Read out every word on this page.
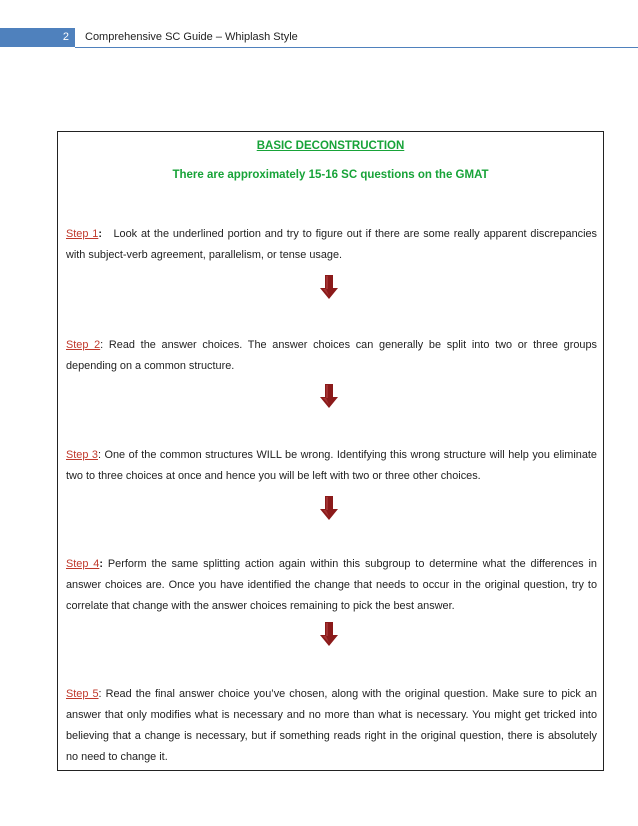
2	Comprehensive SC Guide – Whiplash Style
BASIC DECONSTRUCTION
There are approximately 15-16 SC questions on the GMAT
Step 1:   Look at the underlined portion and try to figure out if there are some really apparent discrepancies with subject-verb agreement, parallelism, or tense usage.
Step 2: Read the answer choices. The answer choices can generally be split into two or three groups depending on a common structure.
Step 3: One of the common structures WILL be wrong. Identifying this wrong structure will help you eliminate two to three choices at once and hence you will be left with two or three other choices.
Step 4: Perform the same splitting action again within this subgroup to determine what the differences in answer choices are. Once you have identified the change that needs to occur in the original question, try to correlate that change with the answer choices remaining to pick the best answer.
Step 5: Read the final answer choice you’ve chosen, along with the original question. Make sure to pick an answer that only modifies what is necessary and no more than what is necessary. You might get tricked into believing that a change is necessary, but if something reads right in the original question, there is absolutely no need to change it.
